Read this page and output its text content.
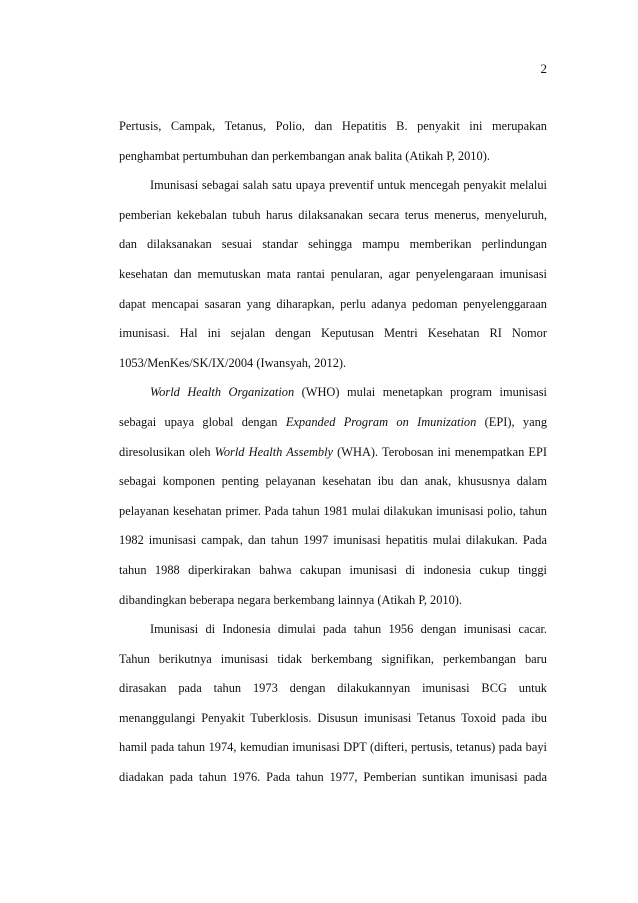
2
Pertusis, Campak, Tetanus, Polio, dan Hepatitis B. penyakit ini merupakan
penghambat pertumbuhan dan perkembangan anak balita (Atikah P, 2010).
Imunisasi sebagai salah satu upaya preventif untuk mencegah penyakit melalui
pemberian kekebalan tubuh harus dilaksanakan secara terus menerus, menyeluruh,
dan dilaksanakan sesuai standar sehingga mampu memberikan perlindungan
kesehatan dan memutuskan mata rantai penularan, agar penyelengaraan imunisasi
dapat mencapai sasaran yang diharapkan, perlu adanya pedoman penyelenggaraan
imunisasi. Hal ini sejalan dengan Keputusan Mentri Kesehatan RI Nomor
1053/MenKes/SK/IX/2004 (Iwansyah, 2012).
World Health Organization (WHO) mulai menetapkan program imunisasi
sebagai upaya global dengan Expanded Program on Imunization (EPI), yang
diresolusikan oleh World Health Assembly (WHA). Terobosan ini menempatkan EPI
sebagai komponen penting pelayanan kesehatan ibu dan anak, khususnya dalam
pelayanan kesehatan primer. Pada tahun 1981 mulai dilakukan imunisasi polio, tahun
1982 imunisasi campak, dan tahun 1997 imunisasi hepatitis mulai dilakukan. Pada
tahun 1988 diperkirakan bahwa cakupan imunisasi di indonesia cukup tinggi
dibandingkan beberapa negara berkembang lainnya (Atikah P, 2010).
Imunisasi di Indonesia dimulai pada tahun 1956 dengan imunisasi cacar.
Tahun berikutnya imunisasi tidak berkembang signifikan, perkembangan baru
dirasakan pada tahun 1973 dengan dilakukannyan imunisasi BCG untuk
menanggulangi Penyakit Tuberklosis. Disusun imunisasi Tetanus Toxoid pada ibu
hamil pada tahun 1974, kemudian imunisasi DPT (difteri, pertusis, tetanus) pada bayi
diadakan pada tahun 1976. Pada tahun 1977, Pemberian suntikan imunisasi pada
